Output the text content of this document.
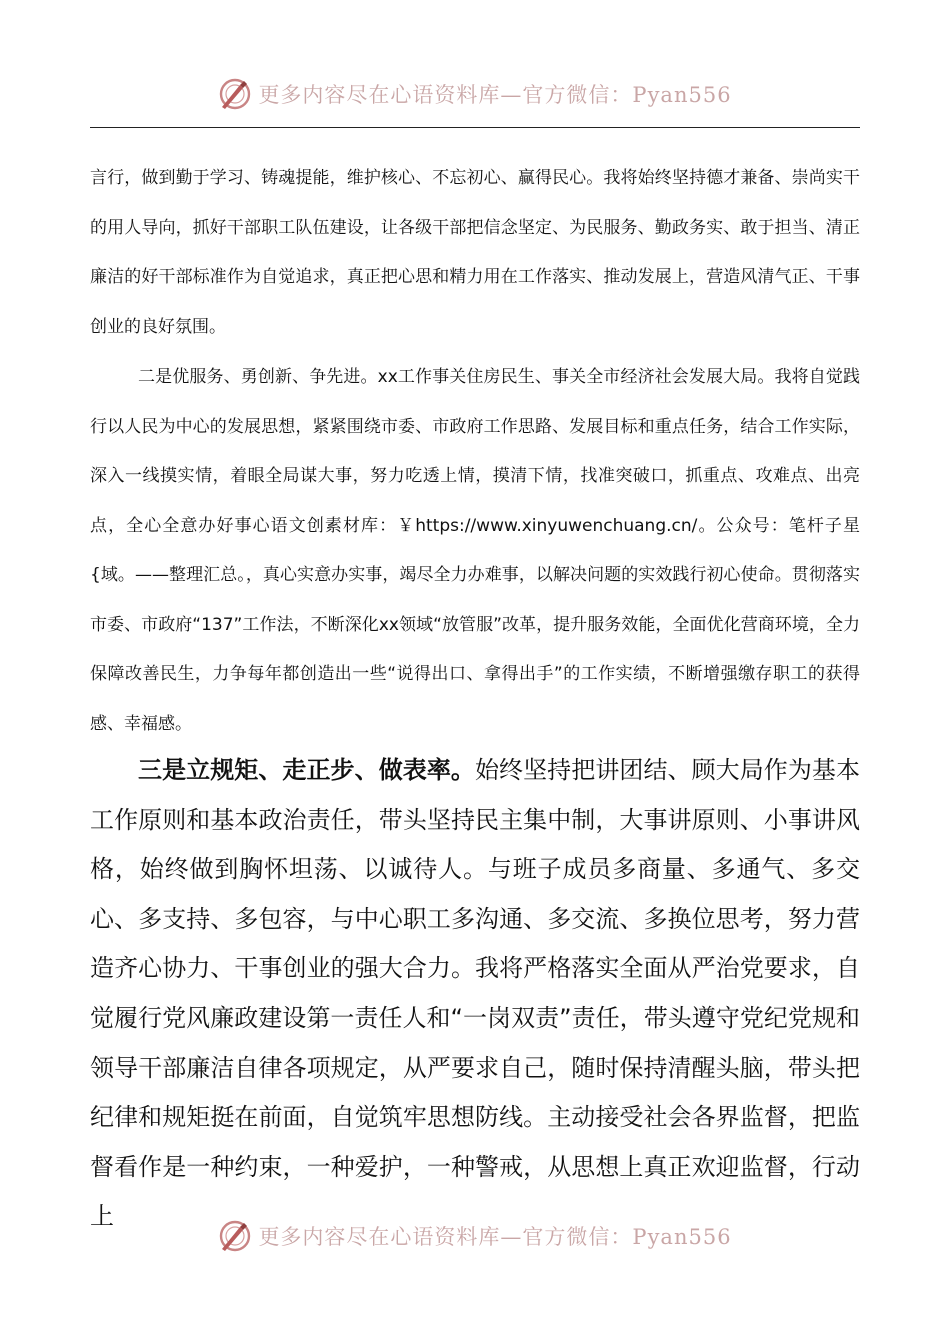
更多内容尽在心语资料库—官方微信：Pyan556

言行，做到勤于学习、铸魂提能，维护核心、不忘初心、赢得民心。我将始终坚持德才兼备、崇尚实干的用人导向，抓好干部职工队伍建设，让各级干部把信念坚定、为民服务、勤政务实、敢于担当、清正廉洁的好干部标准作为自觉追求，真正把心思和精力用在工作落实、推动发展上，营造风清气正、干事创业的良好氛围。

二是优服务、勇创新、争先进。xx工作事关住房民生、事关全市经济社会发展大局。我将自觉践行以人民为中心的发展思想，紧紧围绕市委、市政府工作思路、发展目标和重点任务，结合工作实际，深入一线摸实情，着眼全局谋大事，努力吃透上情，摸清下情，找准突破口，抓重点、攻难点、出亮点，全心全意办好事心语文创素材库：￥https://www.xinyuwenchuang.cn/。公众号：笔杆子星{域。——整理汇总。，真心实意办实事，竭尽全力办难事，以解决问题的实效践行初心使命。贯彻落实市委、市政府“137”工作法，不断深化xx领域“放管服”改革，提升服务效能，全面优化营商环境，全力保障改善民生，力争每年都创造出一些“说得出口、拿得出手”的工作实绩，不断增强缴存职工的获得感、幸福感。

三是立规矩、走正步、做表率。始终坚持把讲团结、顾大局作为基本工作原则和基本政治责任，带头坚持民主集中制，大事讲原则、小事讲风格，始终做到胸怀坦荡、以诚待人。与班子成员多商量、多通气、多交心、多支持、多包容，与中心职工多沟通、多交流、多换位思考，努力营造齐心协力、干事创业的强大合力。我将严格落实全面从严治党要求，自觉履行党风廉政建设第一责任人和“一岗双责”责任，带头遵守党纪党规和领导干部廉洁自律各项规定，从严要求自己，随时保持清醒头脑，带头把纪律和规矩挺在前面，自觉筑牢思想防线。主动接受社会各界监督，把监督看作是一种约束，一种爱护，一种警戒，从思想上真正欢迎监督，行动上

更多内容尽在心语资料库—官方微信：Pyan556
